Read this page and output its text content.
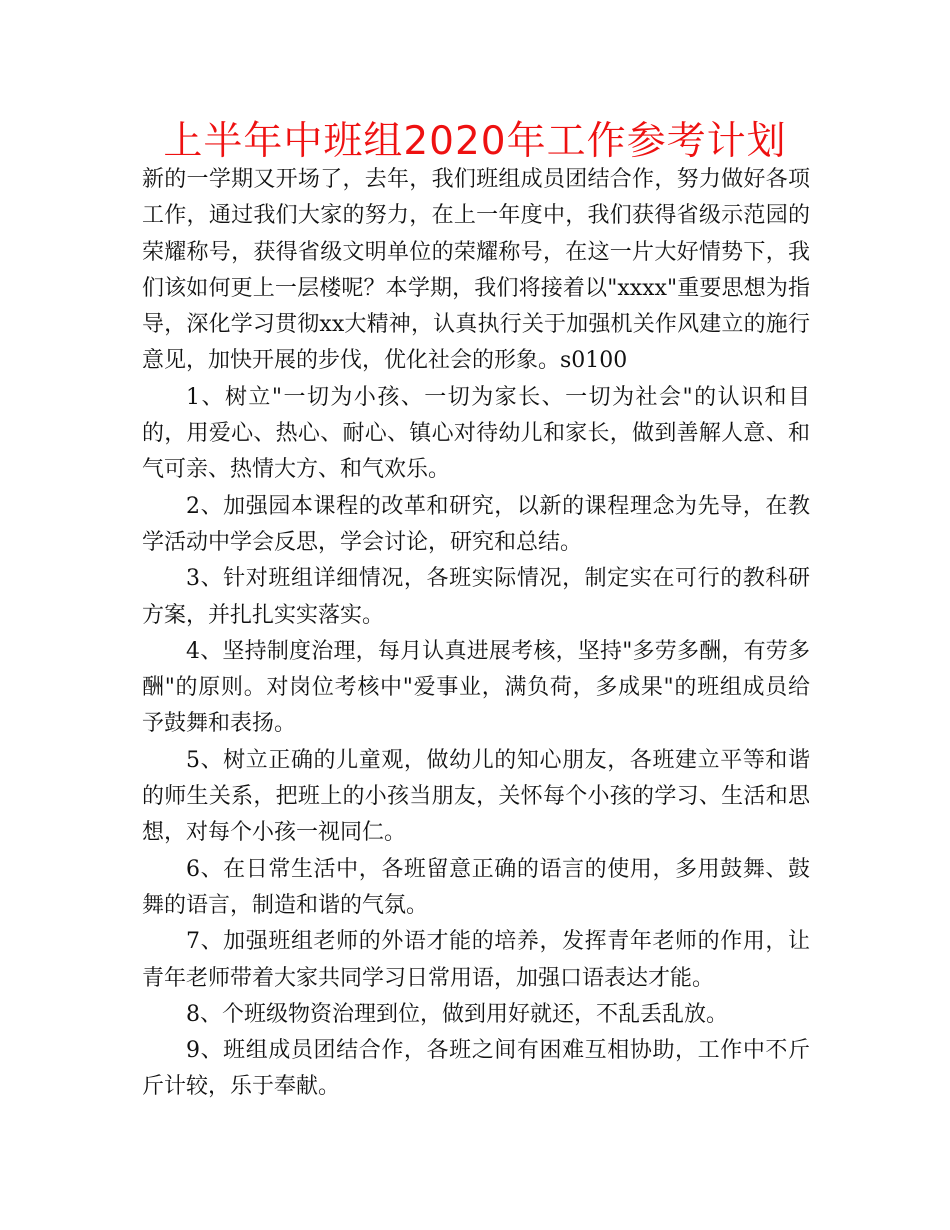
上半年中班组2020年工作参考计划

新的一学期又开场了，去年，我们班组成员团结合作，努力做好各项工作，通过我们大家的努力，在上一年度中，我们获得省级示范园的荣耀称号，获得省级文明单位的荣耀称号，在这一片大好情势下，我们该如何更上一层楼呢？本学期，我们将接着以"xxxx"重要思想为指导，深化学习贯彻xx大精神，认真执行关于加强机关作风建立的施行意见，加快开展的步伐，优化社会的形象。s0100

1、树立"一切为小孩、一切为家长、一切为社会"的认识和目的，用爱心、热心、耐心、镇心对待幼儿和家长，做到善解人意、和气可亲、热情大方、和气欢乐。

2、加强园本课程的改革和研究，以新的课程理念为先导，在教学活动中学会反思，学会讨论，研究和总结。

3、针对班组详细情况，各班实际情况，制定实在可行的教科研方案，并扎扎实实落实。

4、坚持制度治理，每月认真进展考核，坚持"多劳多酬，有劳多酬"的原则。对岗位考核中"爱事业，满负荷，多成果"的班组成员给予鼓舞和表扬。

5、树立正确的儿童观，做幼儿的知心朋友，各班建立平等和谐的师生关系，把班上的小孩当朋友，关怀每个小孩的学习、生活和思想，对每个小孩一视同仁。

6、在日常生活中，各班留意正确的语言的使用，多用鼓舞、鼓舞的语言，制造和谐的气氛。

7、加强班组老师的外语才能的培养，发挥青年老师的作用，让青年老师带着大家共同学习日常用语，加强口语表达才能。

8、个班级物资治理到位，做到用好就还，不乱丢乱放。

9、班组成员团结合作，各班之间有困难互相协助，工作中不斤斤计较，乐于奉献。
